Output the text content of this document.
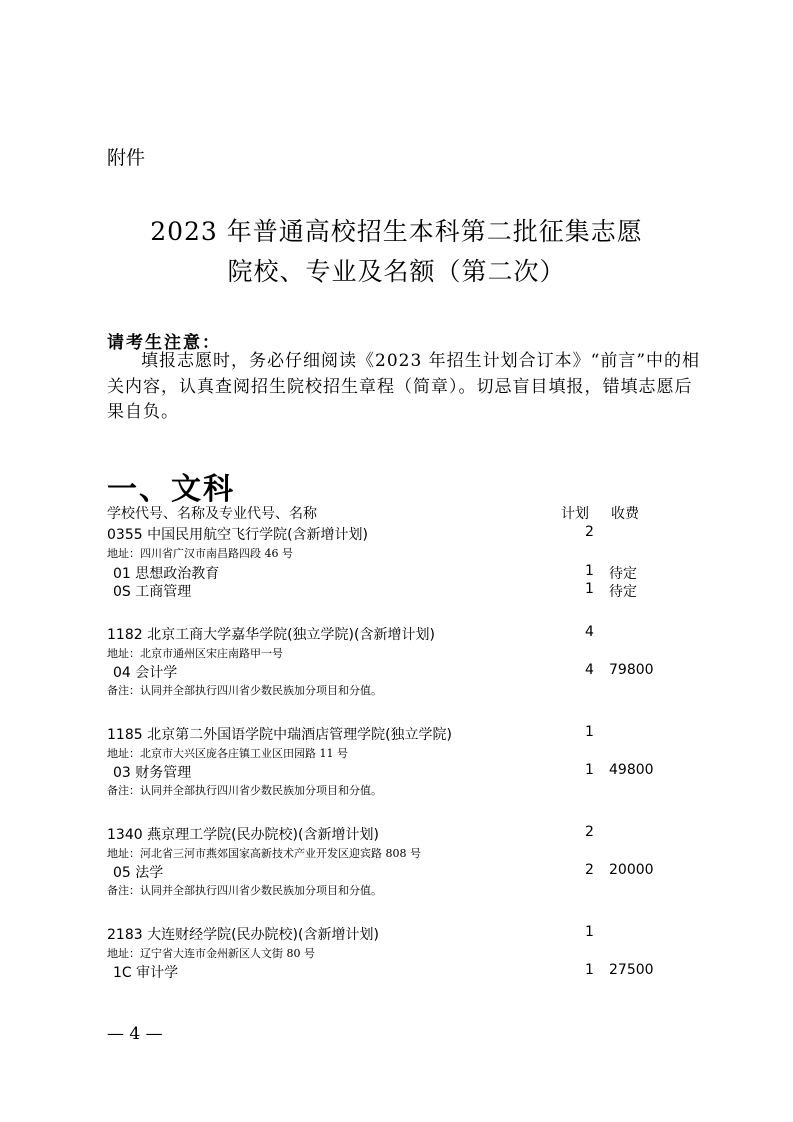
附件
2023 年普通高校招生本科第二批征集志愿
院校、专业及名额（第二次）
请考生注意：
填报志愿时，务必仔细阅读《2023 年招生计划合订本》“前言”中的相关内容，认真查阅招生院校招生章程（简章）。切忌盲目填报，错填志愿后果自负。
一、文科
学校代号、名称及专业代号、名称	计划 收费
0355 中国民用航空飞行学院(含新增计划)	2
地址：四川省广汉市南昌路四段 46 号
01 思想政治教育	1 待定
0S 工商管理	1 待定
1182 北京工商大学嘉华学院(独立学院)(含新增计划)	4
地址：北京市通州区宋庄南路甲一号
04 会计学	4 79800
备注：认同并全部执行四川省少数民族加分项目和分值。
1185 北京第二外国语学院中瑞酒店管理学院(独立学院)	1
地址：北京市大兴区庞各庄镇工业区田园路 11 号
03 财务管理	1 49800
备注：认同并全部执行四川省少数民族加分项目和分值。
1340 燕京理工学院(民办院校)(含新增计划)	2
地址：河北省三河市燕郊国家高新技术产业开发区迎宾路 808 号
05 法学	2 20000
备注：认同并全部执行四川省少数民族加分项目和分值。
2183 大连财经学院(民办院校)(含新增计划)	1
地址：辽宁省大连市金州新区人文街 80 号
1C 审计学	1 27500
— 4 —
